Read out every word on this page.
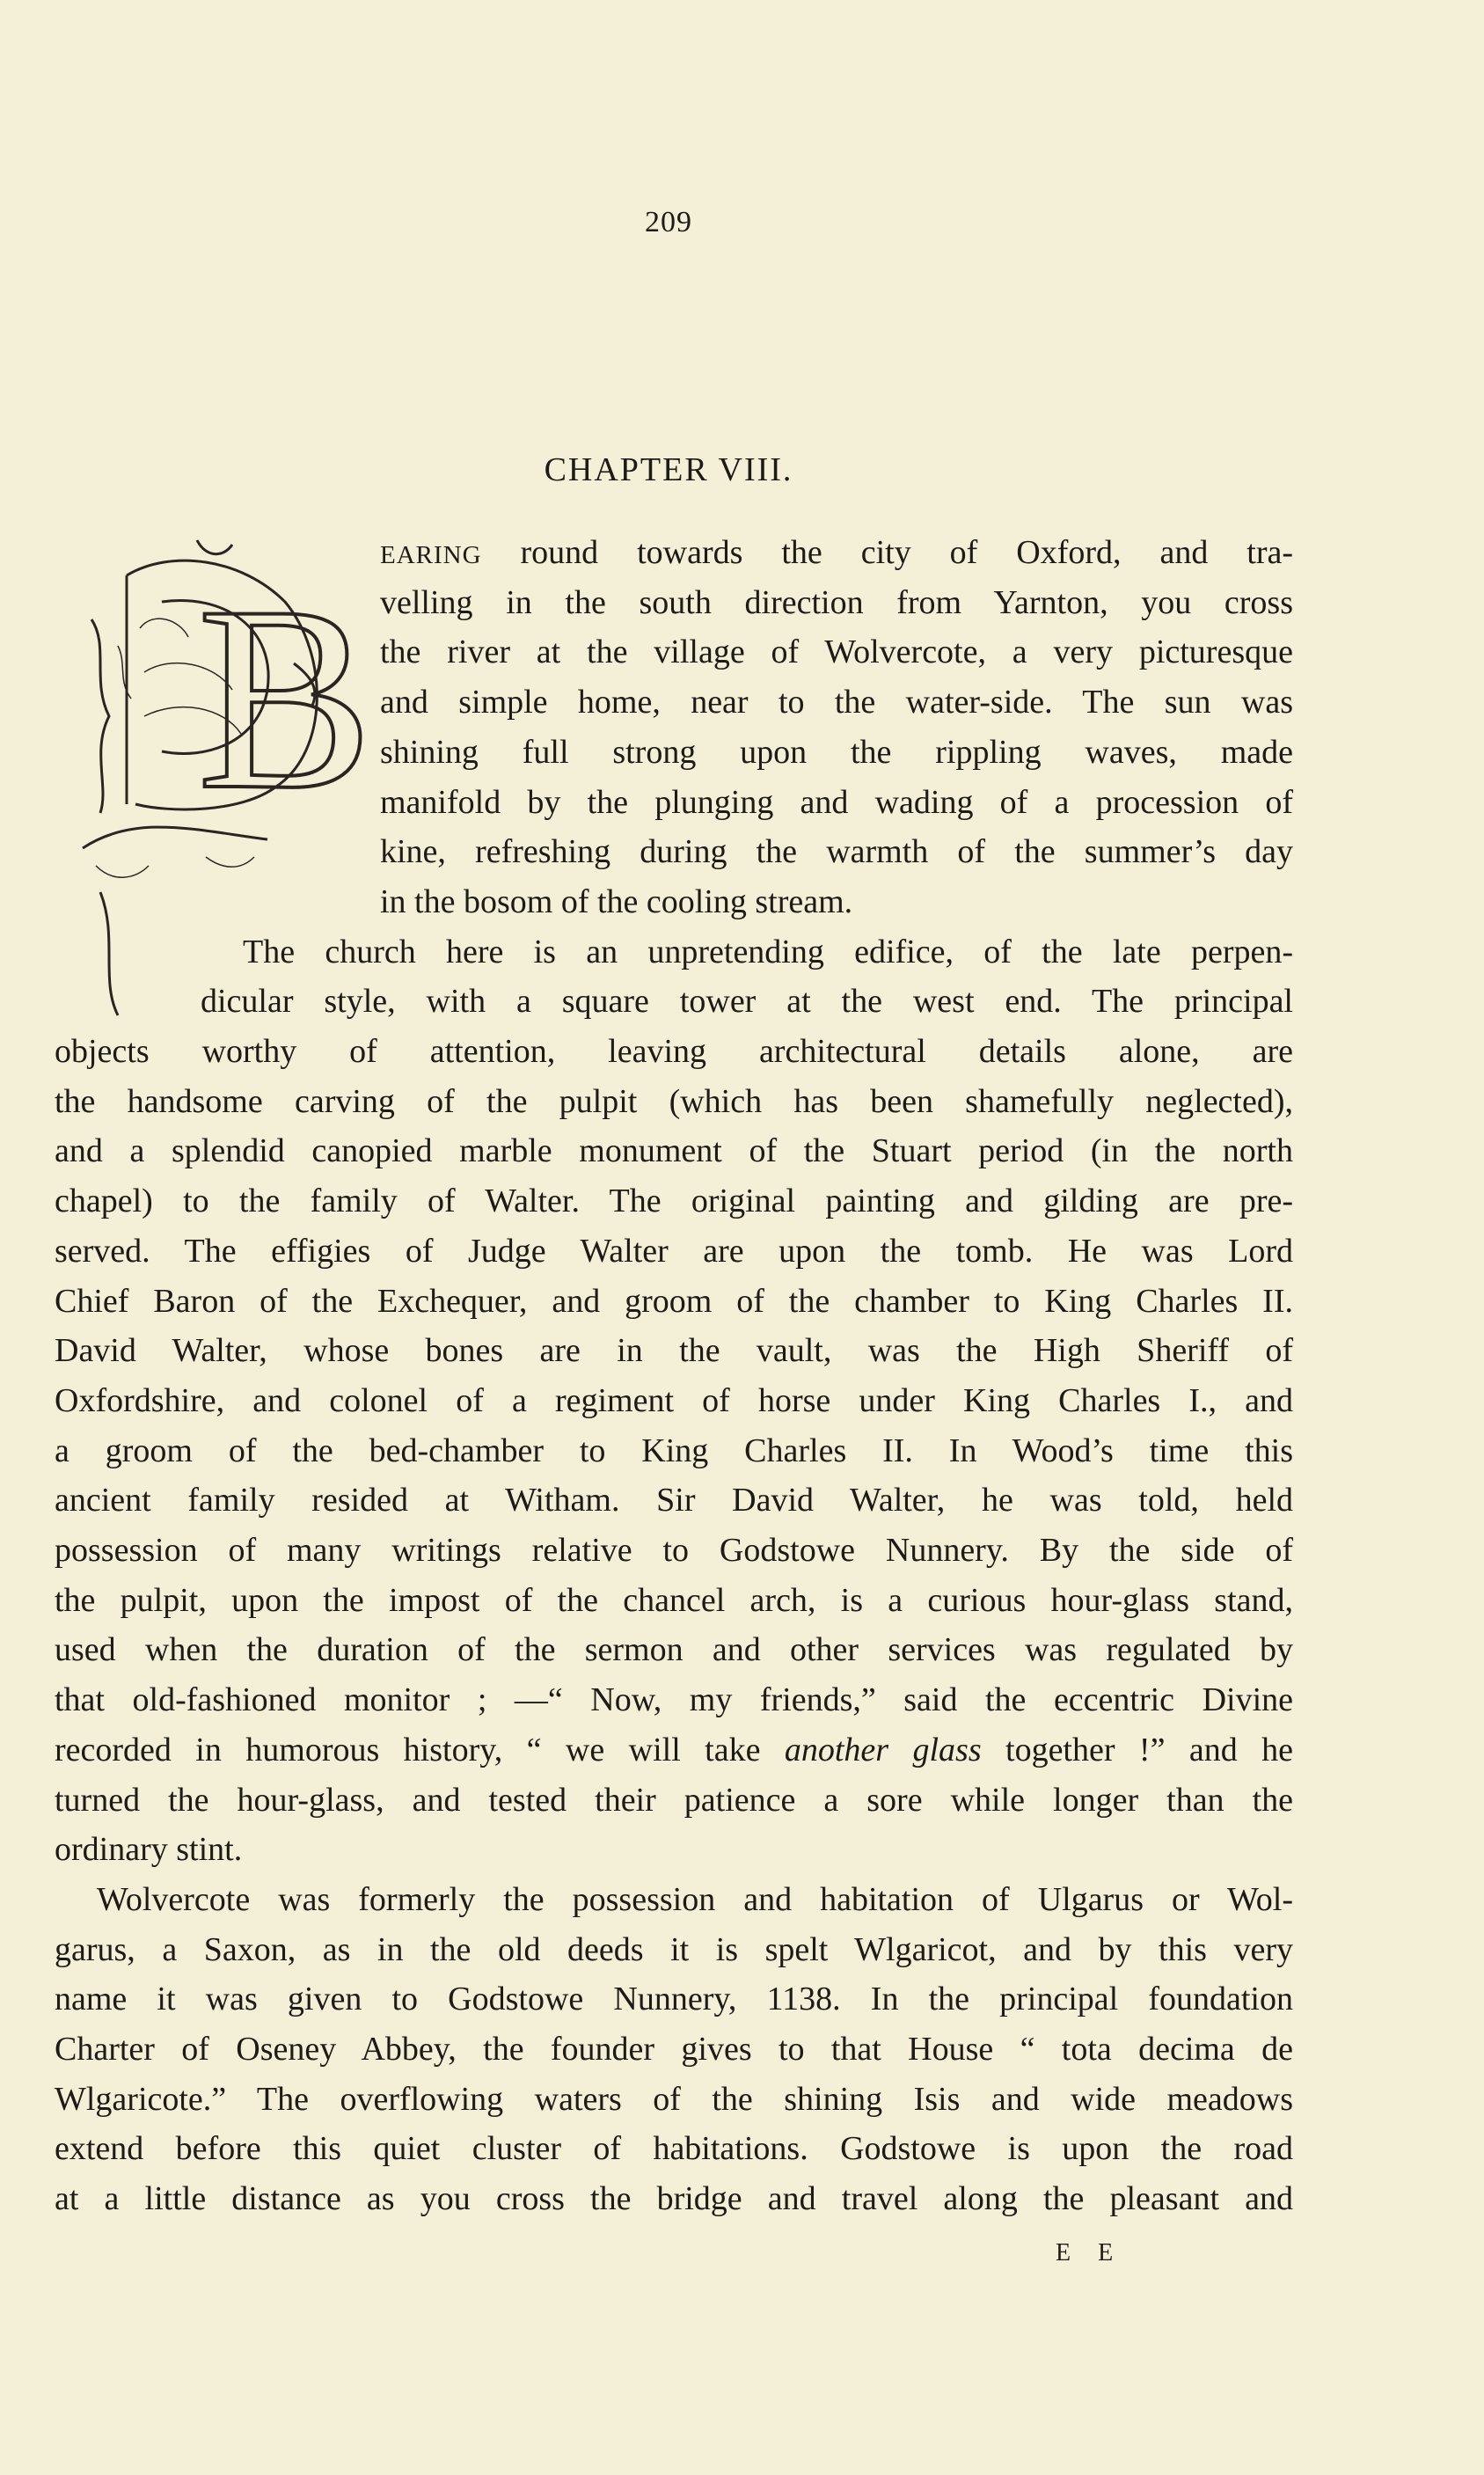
209
CHAPTER VIII.
B EARING round towards the city of Oxford, and tra-
velling in the south direction from Yarnton, you cross
the river at the village of Wolvercote, a very picturesque
and simple home, near to the water-side. The sun was
shining full strong upon the rippling waves, made
manifold by the plunging and wading of a procession of
kine, refreshing during the warmth of the summer’s day
in the bosom of the cooling stream.
The church here is an unpretending edifice, of the late perpen-
dicular style, with a square tower at the west end. The principal
objects worthy of attention, leaving architectural details alone, are
the handsome carving of the pulpit (which has been shamefully neglected),
and a splendid canopied marble monument of the Stuart period (in the north
chapel) to the family of Walter. The original painting and gilding are pre-
served. The effigies of Judge Walter are upon the tomb. He was Lord
Chief Baron of the Exchequer, and groom of the chamber to King Charles II.
David Walter, whose bones are in the vault, was the High Sheriff of
Oxfordshire, and colonel of a regiment of horse under King Charles I., and
a groom of the bed-chamber to King Charles II. In Wood’s time this
ancient family resided at Witham. Sir David Walter, he was told, held
possession of many writings relative to Godstowe Nunnery. By the side of
the pulpit, upon the impost of the chancel arch, is a curious hour-glass stand,
used when the duration of the sermon and other services was regulated by
that old-fashioned monitor ; —“ Now, my friends,” said the eccentric Divine
recorded in humorous history, “ we will take another glass together !” and he
turned the hour-glass, and tested their patience a sore while longer than the
ordinary stint.
Wolvercote was formerly the possession and habitation of Ulgarus or Wol-
garus, a Saxon, as in the old deeds it is spelt Wlgaricot, and by this very
name it was given to Godstowe Nunnery, 1138. In the principal foundation
Charter of Oseney Abbey, the founder gives to that House “ tota decima de
Wlgaricote.” The overflowing waters of the shining Isis and wide meadows
extend before this quiet cluster of habitations. Godstowe is upon the road
at a little distance as you cross the bridge and travel along the pleasant and
E E
